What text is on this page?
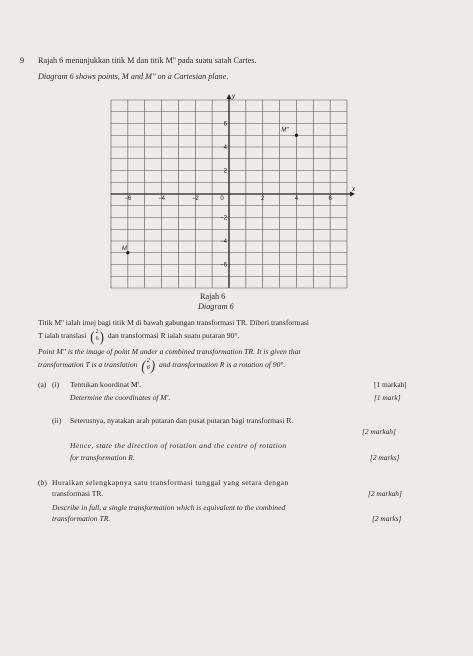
9 Rajah 6 menunjukkan titik M dan titik M'' pada suatu satah Cartes.
Diagram 6 shows points, M and M'' on a Cartesian plane.
x
y
−6	−4	−2	0	2	4	6
6
4
2
−2
−4
−6
M
M''
Rajah 6
Diagram 6
Titik M'' ialah imej bagi titik M di bawah gabungan transformasi TR. Diberi transformasi
T ialah translasi ( 2
6 ) dan transformasi R ialah suatu putaran 90°.
Point M'' is the image of point M under a combined transformation TR. It is given that
transformation T is a translation ( 2
6 ) and transformation R is a rotation of 90°.
(a) (i) Tentukan koordinat M'.	[1 markah]
Determine the coordinates of M'.	[1 mark]
(ii) Seterusnya, nyatakan arah putaran dan pusat putaran bagi transformasi R.
[2 markah]
Hence, state the direction of rotation and the centre of rotation
for transformation R.	[2 marks]
(b) Huraikan selengkapnya satu transformasi tunggal yang setara dengan
transformasi TR.	[2 markah]
Describe in full, a single transformation which is equivalent to the combined
transformation TR.	[2 marks]
